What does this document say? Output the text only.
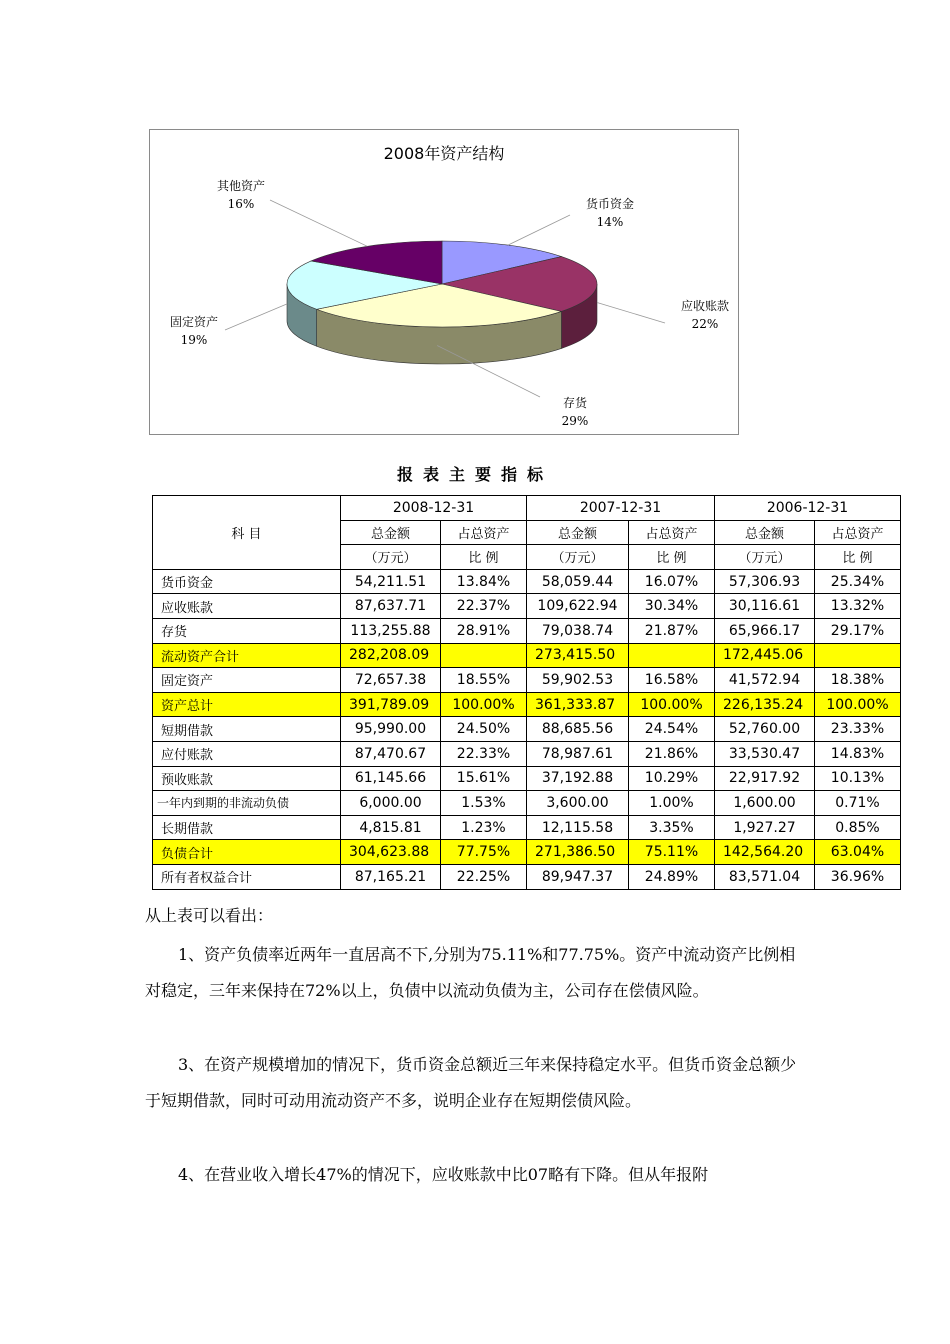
2008年资产结构
货币资金
14%
应收账款
22%
存货
29%
固定资产
19%
其他资产
16%
报表主要指标
科 目	2008-12-31		2007-12-31		2006-12-31	
	总金额	占总资产	总金额	占总资产	总金额	占总资产
	（万元）	比 例	（万元）	比 例	（万元）	比 例
货币资金	54,211.51	13.84%	58,059.44	16.07%	57,306.93	25.34%
应收账款	87,637.71	22.37%	109,622.94	30.34%	30,116.61	13.32%
存货	113,255.88	28.91%	79,038.74	21.87%	65,966.17	29.17%
流动资产合计	282,208.09		273,415.50		172,445.06	
固定资产	72,657.38	18.55%	59,902.53	16.58%	41,572.94	18.38%
资产总计	391,789.09	100.00%	361,333.87	100.00%	226,135.24	100.00%
短期借款	95,990.00	24.50%	88,685.56	24.54%	52,760.00	23.33%
应付账款	87,470.67	22.33%	78,987.61	21.86%	33,530.47	14.83%
预收账款	61,145.66	15.61%	37,192.88	10.29%	22,917.92	10.13%
一年内到期的非流动负债	6,000.00	1.53%	3,600.00	1.00%	1,600.00	0.71%
长期借款	4,815.81	1.23%	12,115.58	3.35%	1,927.27	0.85%
负债合计	304,623.88	77.75%	271,386.50	75.11%	142,564.20	63.04%
所有者权益合计	87,165.21	22.25%	89,947.37	24.89%	83,571.04	36.96%

从上表可以看出：

1、资产负债率近两年一直居高不下,分别为75.11%和77.75%。资产中流动资产比例相对稳定，三年来保持在72%以上，负债中以流动负债为主，公司存在偿债风险。

3、在资产规模增加的情况下，货币资金总额近三年来保持稳定水平。但货币资金总额少于短期借款，同时可动用流动资产不多，说明企业存在短期偿债风险。

4、在营业收入增长47%的情况下，应收账款中比07略有下降。但从年报附
